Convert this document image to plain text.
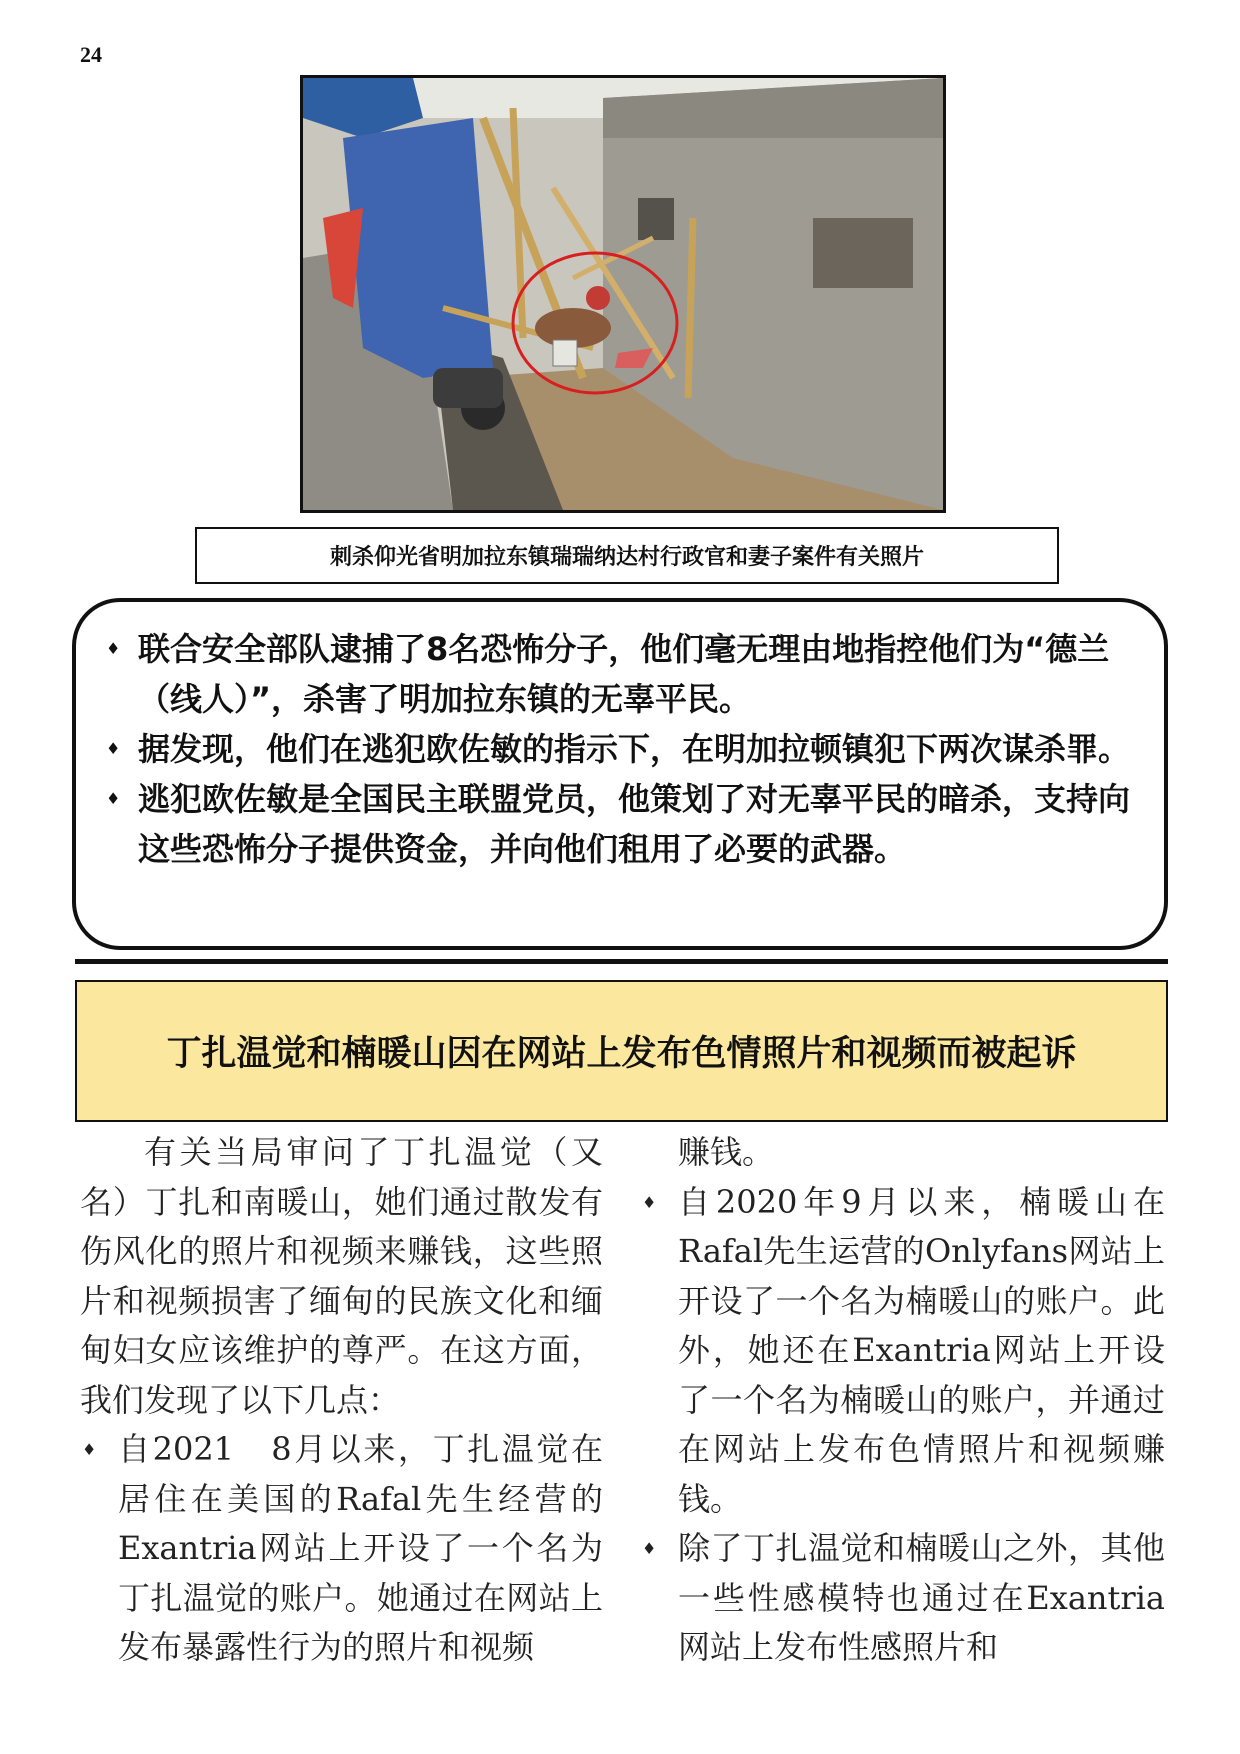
24
刺杀仰光省明加拉东镇瑞瑞纳达村行政官和妻子案件有关照片
♦ 联合安全部队逮捕了8名恐怖分子，他们毫无理由地指控他们为“德兰（线人）”，杀害了明加拉东镇的无辜平民。
♦ 据发现，他们在逃犯欧佐敏的指示下，在明加拉顿镇犯下两次谋杀罪。
♦ 逃犯欧佐敏是全国民主联盟党员，他策划了对无辜平民的暗杀，支持向这些恐怖分子提供资金，并向他们租用了必要的武器。
丁扎温觉和楠暖山因在网站上发布色情照片和视频而被起诉

有关当局审问了丁扎温觉（又名）丁扎和南暖山，她们通过散发有伤风化的照片和视频来赚钱，这些照片和视频损害了缅甸的民族文化和缅甸妇女应该维护的尊严。在这方面，我们发现了以下几点：

♦ 自2021　8月以来，丁扎温觉在居住在美国的Rafal先生经营的Exantria网站上开设了一个名为丁扎温觉的账户。她通过在网站上发布暴露性行为的照片和视频

赚钱。

♦ 自2020年9月以来，楠暖山在Rafal先生运营的Onlyfans网站上开设了一个名为楠暖山的账户。此外，她还在Exantria网站上开设了一个名为楠暖山的账户，并通过在网站上发布色情照片和视频赚钱。

♦ 除了丁扎温觉和楠暖山之外，其他一些性感模特也通过在Exantria网站上发布性感照片和
